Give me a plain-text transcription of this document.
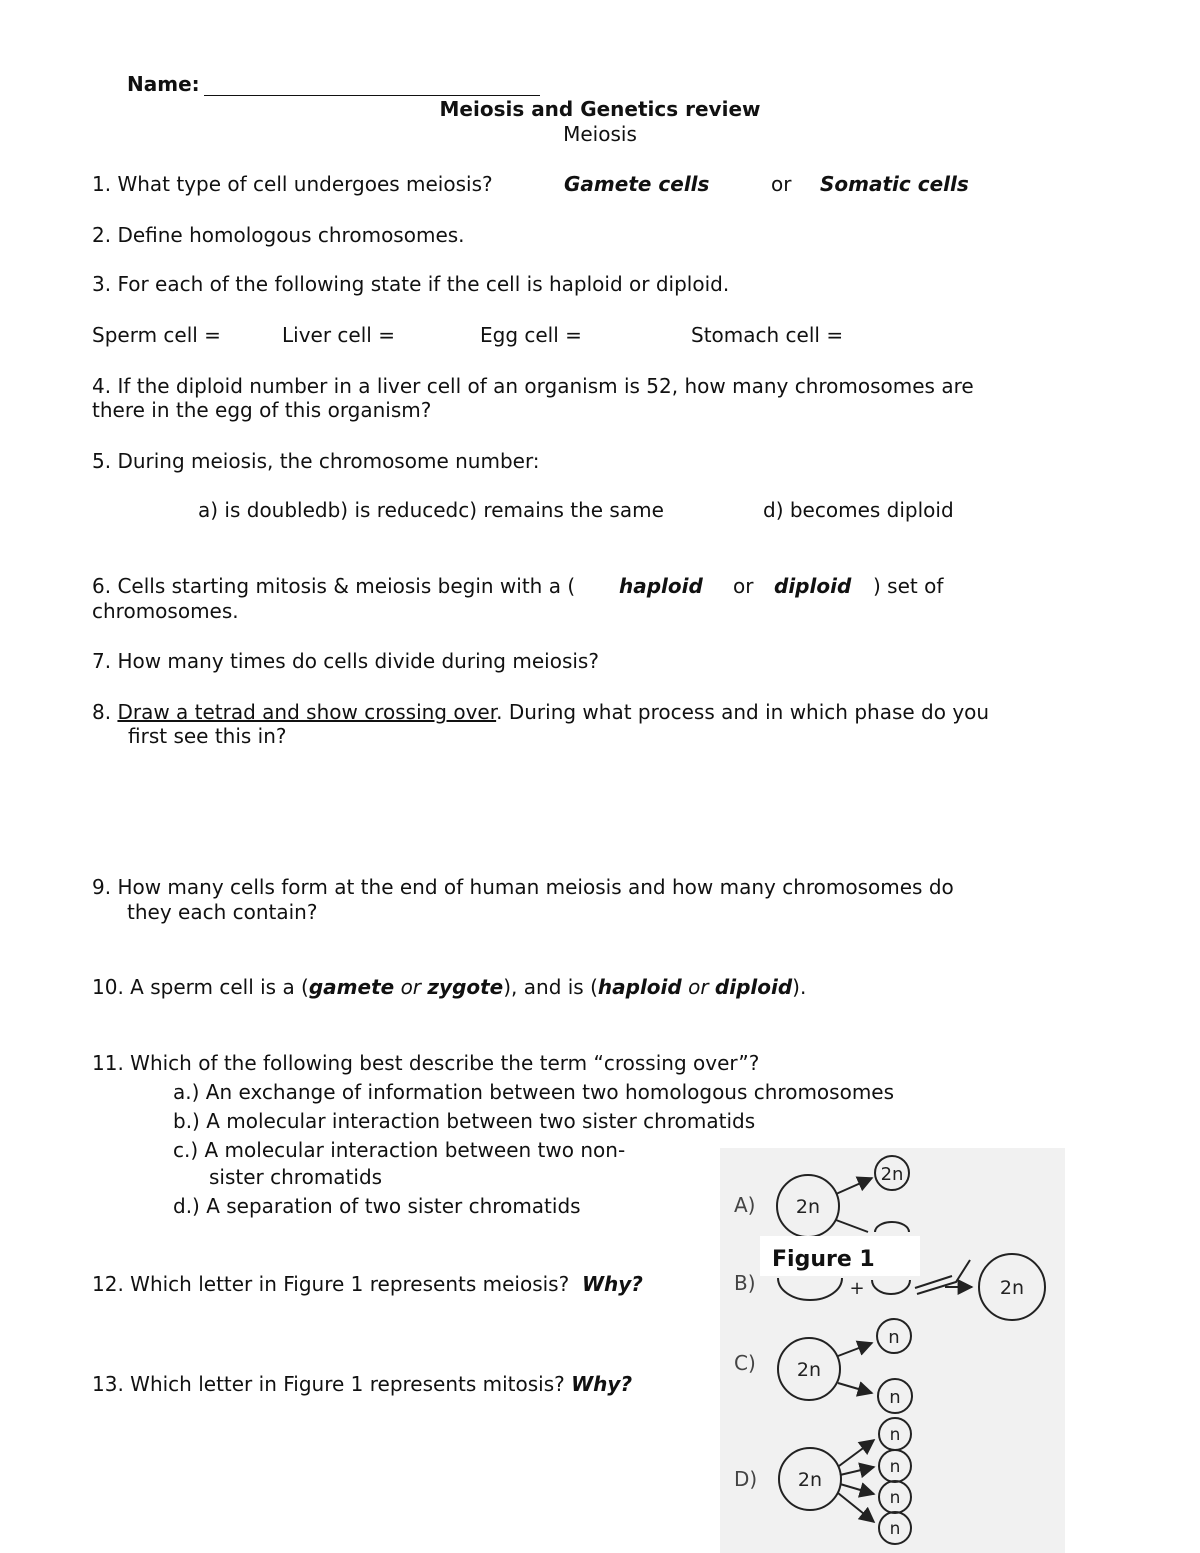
Name:
Meiosis and Genetics review
Meiosis
1. What type of cell undergoes meiosis?	Gamete cells	or Somatic cells
2. Define homologous chromosomes.
3. For each of the following state if the cell is haploid or diploid.
Sperm cell =	Liver cell =	Egg cell =	Stomach cell =
4. If the diploid number in a liver cell of an organism is 52, how many chromosomes are
there in the egg of this organism?
5. During meiosis, the chromosome number:
a) is doubledb) is reducedc) remains the same	d) becomes diploid
6. Cells starting mitosis & meiosis begin with a ( haploid or diploid ) set of
chromosomes.
7. How many times do cells divide during meiosis?
8. Draw a tetrad and show crossing over. During what process and in which phase do you
first see this in?
9. How many cells form at the end of human meiosis and how many chromosomes do
they each contain?
10. A sperm cell is a (gamete or zygote), and is (haploid or diploid).
11. Which of the following best describe the term “crossing over”?
a.) An exchange of information between two homologous chromosomes
b.) A molecular interaction between two sister chromatids
c.) A molecular interaction between two non-
sister chromatids
d.) A separation of two sister chromatids
12. Which letter in Figure 1 represents meiosis? Why?
13. Which letter in Figure 1 represents mitosis? Why?
A) 2n
2n
Figure 1
B)	+	2n
C) 2n
n
n
D) 2n
n
n
n
n
